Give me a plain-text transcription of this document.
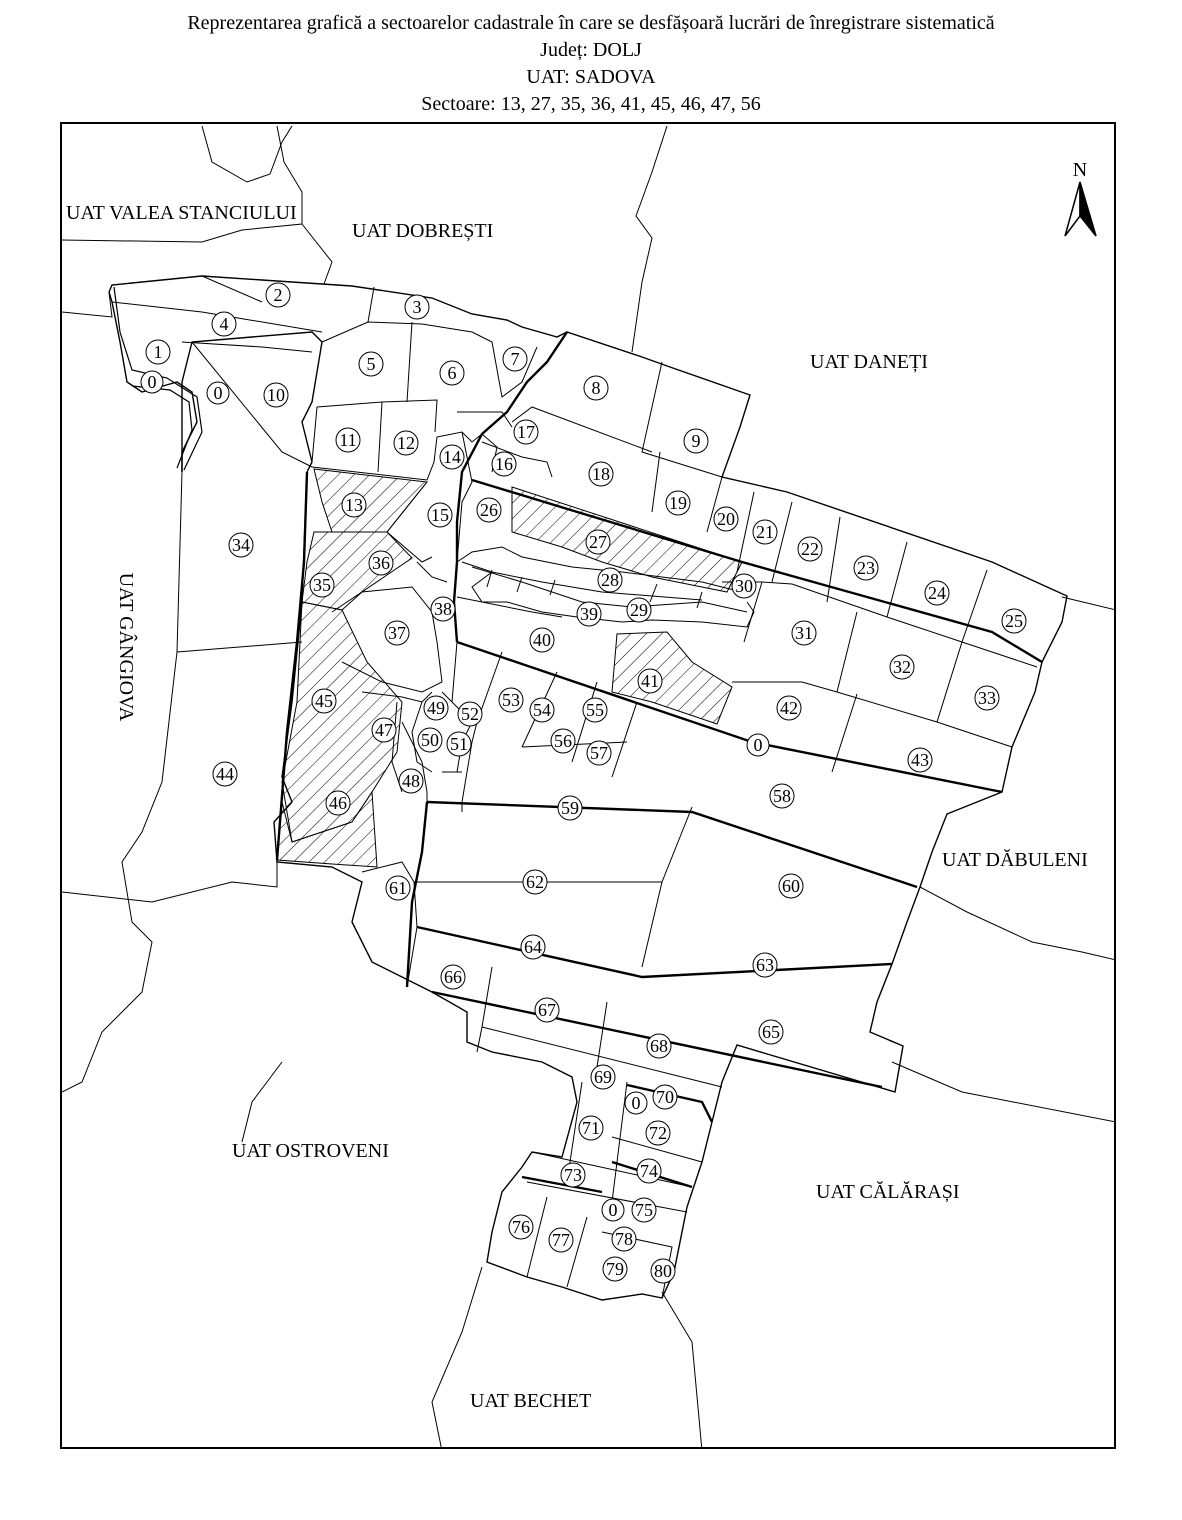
Reprezentarea grafică a sectoarelor cadastrale în care se desfășoară lucrări de înregistrare sistematică
Județ: DOLJ
UAT: SADOVA
Sectoare: 13, 27, 35, 36, 41, 45, 46, 47, 56
UAT VALEA STANCIULUI
UAT DOBREȘTI
UAT DANEȚI
UAT GÂNGIOVA
UAT DĂBULENI
UAT OSTROVENI
UAT CĂLĂRAȘI
UAT BECHET
N
0
0
0
0
0
1
2
3
4
5	6
7
8
9
10
11 12
13
14
15
16
17
18
19
20
21
22
23
24
25
26
27
28
29
30
31
32
33
34
35
36
37
38	39
40
41
42
43
44
45
46
47
48
49
50 51
52
53 54 55
56
57
58
59
60
61	62
63
64
65
66
67
68
69
70
71	72
73	74
75
76
77	78
79 80
